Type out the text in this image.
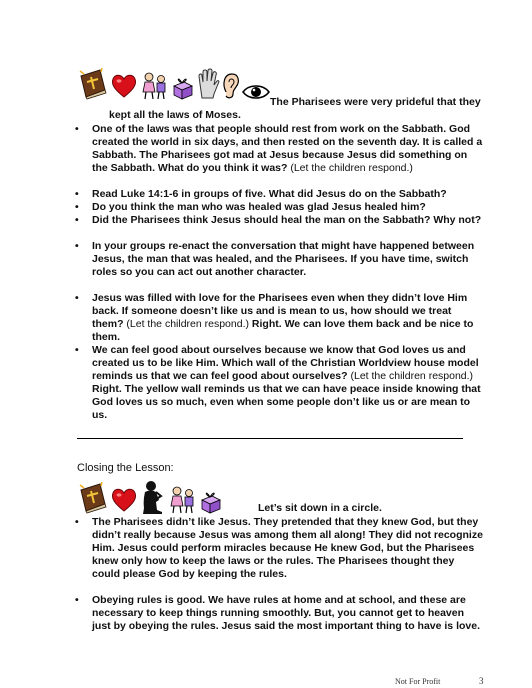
The Pharisees were very prideful that they
kept all the laws of Moses.
• One of the laws was that people should rest from work on the Sabbath. God created the world in six days, and then rested on the seventh day. It is called a Sabbath. The Pharisees got mad at Jesus because Jesus did something on the Sabbath. What do you think it was? (Let the children respond.)
• Read Luke 14:1-6 in groups of five. What did Jesus do on the Sabbath?
• Do you think the man who was healed was glad Jesus healed him?
• Did the Pharisees think Jesus should heal the man on the Sabbath? Why not?
• In your groups re-enact the conversation that might have happened between Jesus, the man that was healed, and the Pharisees. If you have time, switch roles so you can act out another character.
• Jesus was filled with love for the Pharisees even when they didn’t love Him back. If someone doesn’t like us and is mean to us, how should we treat them? (Let the children respond.) Right. We can love them back and be nice to them.
• We can feel good about ourselves because we know that God loves us and created us to be like Him. Which wall of the Christian Worldview house model reminds us that we can feel good about ourselves? (Let the children respond.) Right. The yellow wall reminds us that we can have peace inside knowing that God loves us so much, even when some people don’t like us or are mean to us.
Closing the Lesson:
Let’s sit down in a circle.
• The Pharisees didn’t like Jesus. They pretended that they knew God, but they didn’t really because Jesus was among them all along! They did not recognize Him. Jesus could perform miracles because He knew God, but the Pharisees knew only how to keep the laws or the rules. The Pharisees thought they could please God by keeping the rules.
• Obeying rules is good. We have rules at home and at school, and these are necessary to keep things running smoothly. But, you cannot get to heaven just by obeying the rules. Jesus said the most important thing to have is love.
Not For Profit	3
